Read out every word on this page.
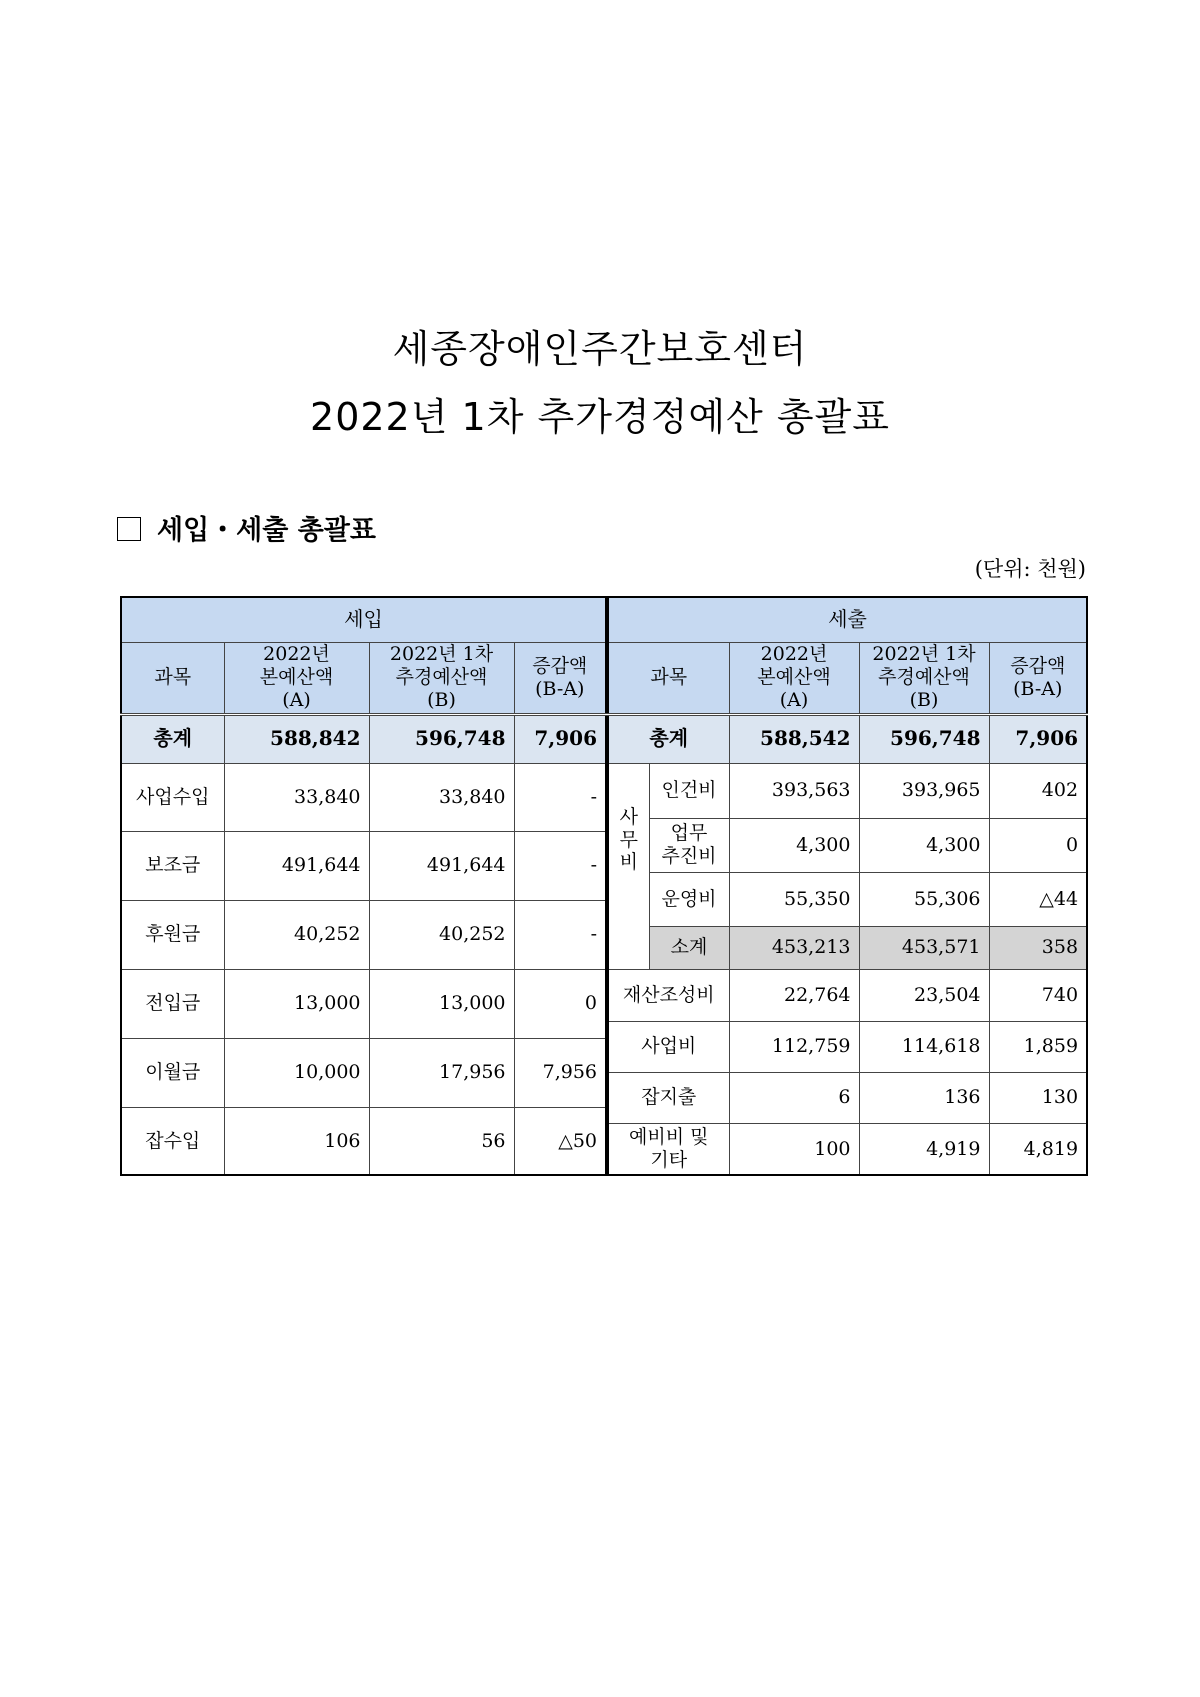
세종장애인주간보호센터
2022년 1차 추가경정예산 총괄표
세입・세출 총괄표
(단위: 천원)
세입			
과목	2022년
본예산액
(A)	2022년 1차
추경예산액
(B)	증감액
(B-A)

총계	588,842	596,748	7,906
사업수입	33,840	33,840	-
보조금	491,644	491,644	-
후원금	40,252	40,252	-
전입금	13,000	13,000	0
이월금	10,000	17,956	7,956
잡수입	106	56	△50
세출				
과목		2022년
본예산액
(A)	2022년 1차
추경예산액
(B)	증감액
(B-A)

총계		588,542	596,748	7,906

사
무
비	인건비	393,563	393,965	402

	업무
추진비	4,300	4,300	0

	운영비	55,350	55,306	△44
	소계	453,213	453,571	358

재산조성비		22,764	23,504	740

사업비		112,759	114,618	1,859

잡지출		6	136	130

예비비 및
기타		100	4,919	4,819
